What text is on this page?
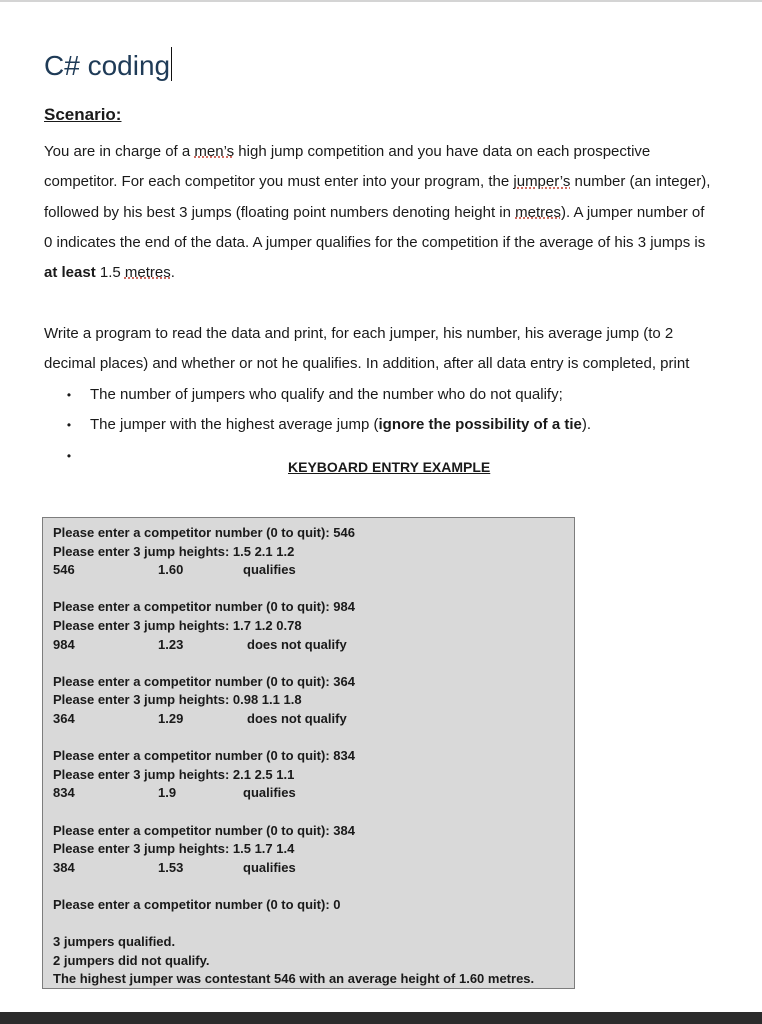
C# coding
Scenario:
You are in charge of a men’s high jump competition and you have data on each prospective
competitor. For each competitor you must enter into your program, the jumper’s number (an integer),
followed by his best 3 jumps (floating point numbers denoting height in metres). A jumper number of
0 indicates the end of the data. A jumper qualifies for the competition if the average of his 3 jumps is
at least 1.5 metres.
Write a program to read the data and print, for each jumper, his number, his average jump (to 2
decimal places) and whether or not he qualifies. In addition, after all data entry is completed, print
• The number of jumpers who qualify and the number who do not qualify;
• The jumper with the highest average jump (ignore the possibility of a tie).
•
KEYBOARD ENTRY EXAMPLE
Please enter a competitor number (0 to quit): 546
Please enter 3 jump heights: 1.5 2.1 1.2
546	1.60	qualifies
Please enter a competitor number (0 to quit): 984
Please enter 3 jump heights: 1.7 1.2 0.78
984	1.23	does not qualify
Please enter a competitor number (0 to quit): 364
Please enter 3 jump heights: 0.98 1.1 1.8
364	1.29	does not qualify
Please enter a competitor number (0 to quit): 834
Please enter 3 jump heights: 2.1 2.5 1.1
834	1.9	qualifies
Please enter a competitor number (0 to quit): 384
Please enter 3 jump heights: 1.5 1.7 1.4
384	1.53	qualifies
Please enter a competitor number (0 to quit): 0
3 jumpers qualified.
2 jumpers did not qualify.
The highest jumper was contestant 546 with an average height of 1.60 metres.
